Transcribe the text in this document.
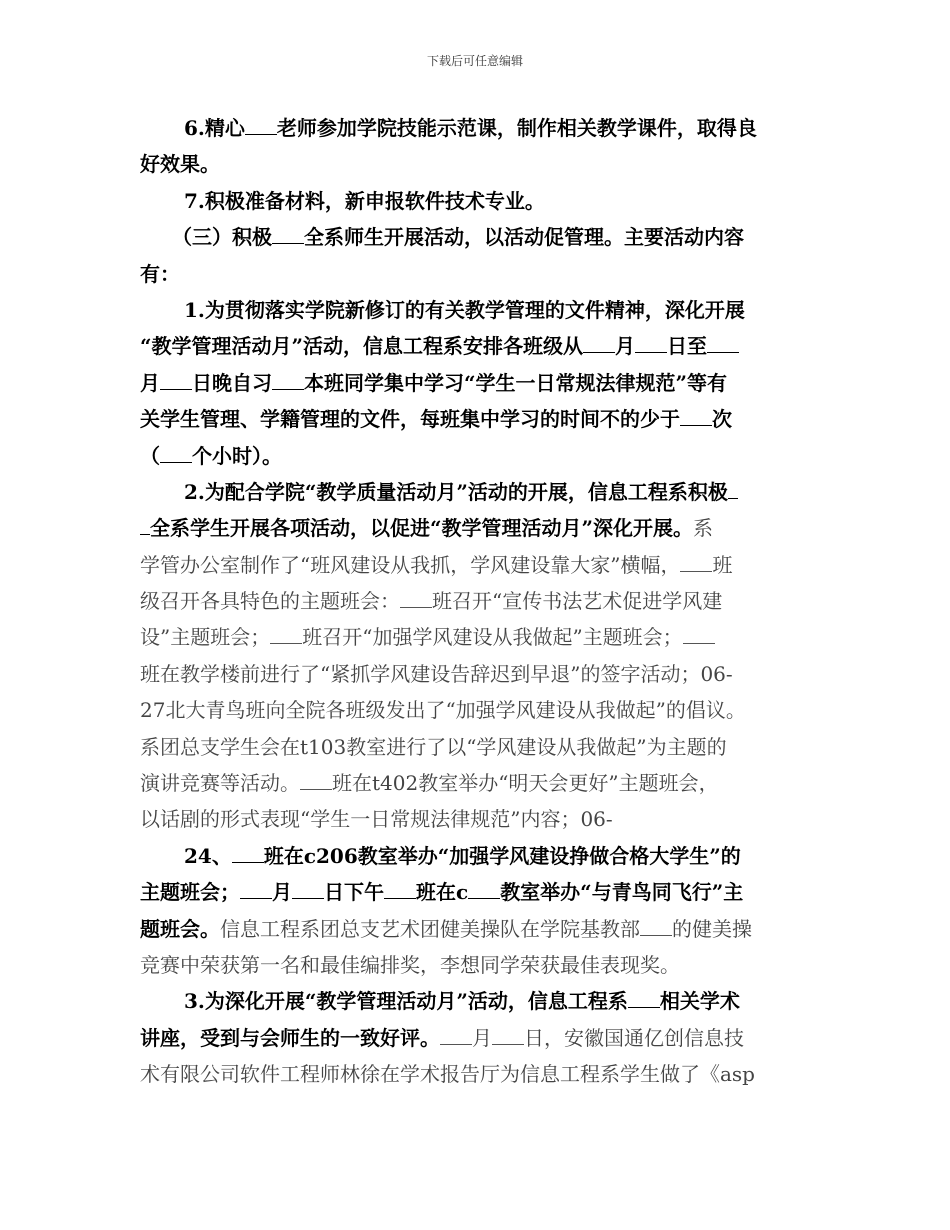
下载后可任意编辑
6.精心 老师参加学院技能示范课，制作相关教学课件，取得良
好效果。
7.积极准备材料，新申报软件技术专业。
（三）积极 全系师生开展活动，以活动促管理。主要活动内容
有：
1.为贯彻落实学院新修订的有关教学管理的文件精神，深化开展
“教学管理活动月”活动，信息工程系安排各班级从 月 日至
月 日晚自习 本班同学集中学习“学生一日常规法律规范”等有
关学生管理、学籍管理的文件，每班集中学习的时间不的少于 次
（ 个小时）。
2.为配合学院“教学质量活动月”活动的开展，信息工程系积极
全系学生开展各项活动，以促进“教学管理活动月”深化开展。系
学管办公室制作了“班风建设从我抓，学风建设靠大家”横幅， 班
级召开各具特色的主题班会： 班召开“宣传书法艺术促进学风建
设”主题班会； 班召开“加强学风建设从我做起”主题班会；
班在教学楼前进行了“紧抓学风建设告辞迟到早退”的签字活动；06-
27北大青鸟班向全院各班级发出了“加强学风建设从我做起”的倡议。
系团总支学生会在t103教室进行了以“学风建设从我做起”为主题的
演讲竞赛等活动。 班在t402教室举办“明天会更好”主题班会，
以话剧的形式表现“学生一日常规法律规范”内容；06-
24、 班在c206教室举办“加强学风建设挣做合格大学生”的
主题班会； 月 日下午 班在c 教室举办“与青鸟同飞行”主
题班会。信息工程系团总支艺术团健美操队在学院基教部 的健美操
竞赛中荣获第一名和最佳编排奖，李想同学荣获最佳表现奖。
3.为深化开展“教学管理活动月”活动，信息工程系 相关学术
讲座，受到与会师生的一致好评。 月 日，安徽国通亿创信息技
术有限公司软件工程师林徐在学术报告厅为信息工程系学生做了《asp
